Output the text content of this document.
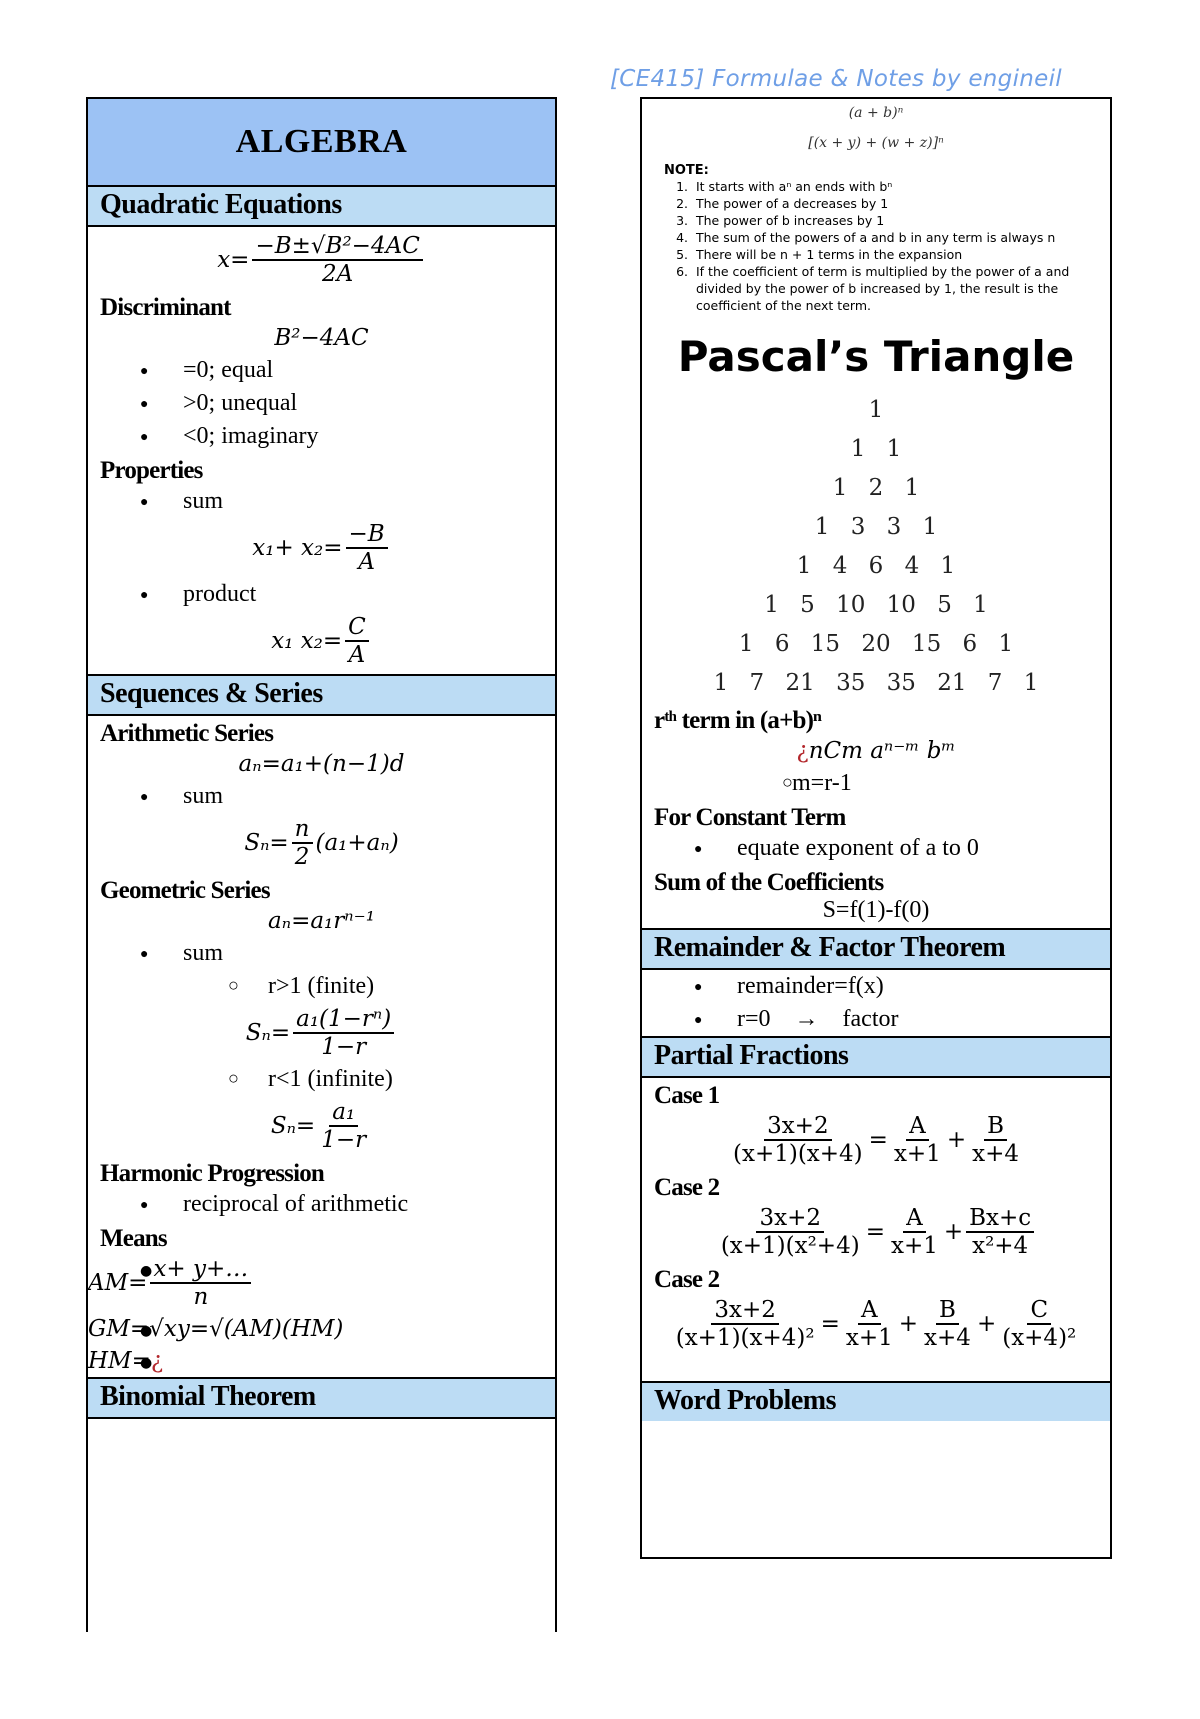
[CE415] Formulae & Notes by engineil
ALGEBRA
Quadratic Equations
$x= \frac{\text{−B±√B²−4AC}}{2A}$
Discriminant
B²−4AC
● =0; equal
● >0; unequal
● <0; imaginary
Properties
● sum
$x_1+ x_2= \frac{-B}{A}$
● product
x₁ $x_2= \frac{C}{A}$
Sequences & Series
Arithmetic Series
aₙ=a₁+(n−1)d
● sum
$S_n= \frac{n}{2} (a_1+a_n)$
Geometric Series
aₙ=a₁rⁿ⁻¹
● sum
○ r>1 (finite)
$S_n= \frac{\text{a₁(1−rⁿ)}}{1-r}$
○ r<1 (infinite)
$S_n= \frac{\text{a₁}}{1-r}$
Harmonic Progression
● reciprocal of arithmetic
Means
● $AM= \frac{x+ y+\dots}{n}$
● GM=√xy=√(AM)(HM)
● HM= ¿
Binomial Theorem
(a + b)ⁿ
[(x + y) + (w + z)]ⁿ
NOTE:
1. It starts with aⁿ an ends with bⁿ
2. The power of a decreases by 1
3. The power of b increases by 1
4. The sum of the powers of a and b in any term is always n
5. There will be n + 1 terms in the expansion
6. If the coefficient of term is multiplied by the power of a and divided by the power of b increased by 1, the result is the coefficient of the next term.
Pascal’s Triangle
1
1 1
1 2 1
1 3 3 1
1 4 6 4 1
1 5 10 10 5 1
1 6 15 20 15 6 1
1 7 21 35 35 21 7 1
rᵗʰ term in (a+b)ⁿ
¿ nCm aⁿ⁻ᵐ bᵐ
○ m=r-1
For Constant Term
● equate exponent of a to 0
Sum of the Coefficients
S=f(1)-f(0)
Remainder & Factor Theorem
● remainder=f(x)
● r=0    →    factor
Partial Fractions
Case 1
$\frac{3x+2}{(x+1)(x+4)} = \frac{A}{x+1} + \frac{B}{x+4}$
Case 2
$\frac{3x+2}{\text{(x+1)(x²+4)}} = \frac{A}{x+1} + \frac{Bx+c}{\text{x²+4}}$
Case 2
$\frac{3x+2}{\text{(x+1)(x+4)²}} = \frac{A}{x+1} + \frac{B}{x+4} + \frac{C}{\text{(x+4)²}}$
Word Problems
